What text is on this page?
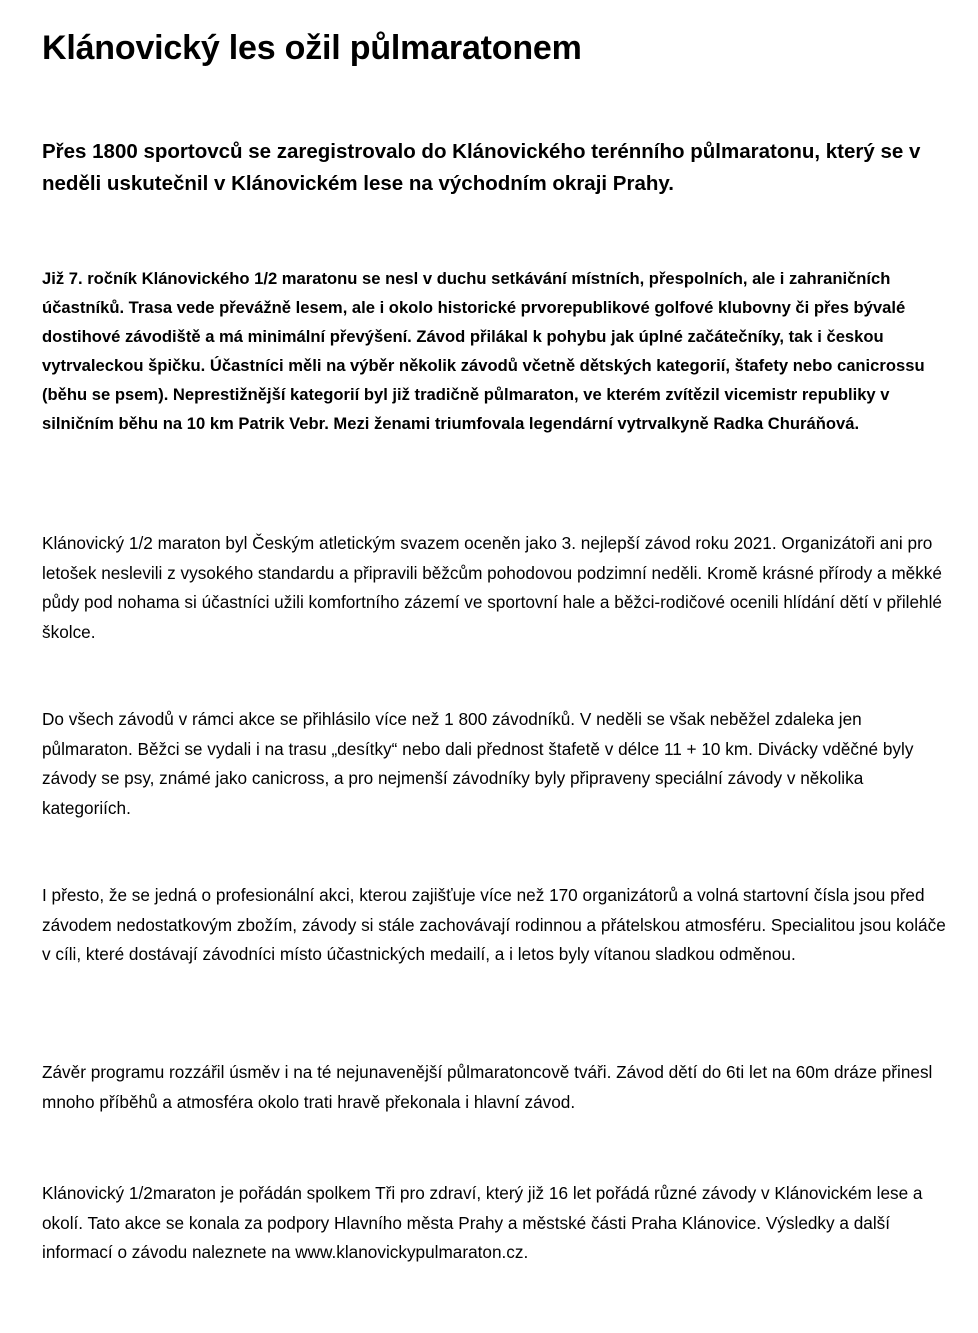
Klánovický les ožil půlmaratonem

Přes 1800 sportovců se zaregistrovalo do Klánovického terénního půlmaratonu, který se v neděli uskutečnil v Klánovickém lese na východním okraji Prahy.

Již 7. ročník Klánovického 1/2 maratonu se nesl v duchu setkávání místních, přespolních, ale i zahraničních účastníků. Trasa vede převážně lesem, ale i okolo historické prvorepublikové golfové klubovny či přes bývalé dostihové závodiště a má minimální převýšení. Závod přilákal k pohybu jak úplné začátečníky, tak i českou vytrvaleckou špičku. Účastníci měli na výběr několik závodů včetně dětských kategorií, štafety nebo canicrossu (běhu se psem). Neprestižnější kategorií byl již tradičně půlmaraton, ve kterém zvítězil vicemistr republiky v silničním běhu na 10 km Patrik Vebr. Mezi ženami triumfovala legendární vytrvalkyně Radka Churáňová.

Klánovický 1/2 maraton byl Českým atletickým svazem oceněn jako 3. nejlepší závod roku 2021. Organizátoři ani pro letošek neslevili z vysokého standardu a připravili běžcům pohodovou podzimní neděli. Kromě krásné přírody a měkké půdy pod nohama si účastníci užili komfortního zázemí ve sportovní hale a běžci-rodičové ocenili hlídání dětí v přilehlé školce.

Do všech závodů v rámci akce se přihlásilo více než 1 800 závodníků. V neděli se však neběžel zdaleka jen půlmaraton. Běžci se vydali i na trasu „desítky“ nebo dali přednost štafetě v délce 11 + 10 km. Divácky vděčné byly závody se psy, známé jako canicross, a pro nejmenší závodníky byly připraveny speciální závody v několika kategoriích.

I přesto, že se jedná o profesionální akci, kterou zajišťuje více než 170 organizátorů a volná startovní čísla jsou před závodem nedostatkovým zbožím, závody si stále zachovávají rodinnou a přátelskou atmosféru. Specialitou jsou koláče v cíli, které dostávají závodníci místo účastnických medailí, a i letos byly vítanou sladkou odměnou.

Závěr programu rozzářil úsměv i na té nejunavenější půlmaratoncově tváři. Závod dětí do 6ti let na 60m dráze přinesl mnoho příběhů a atmosféra okolo trati hravě překonala i hlavní závod.

Klánovický 1/2maraton je pořádán spolkem Tři pro zdraví, který již 16 let pořádá různé závody v Klánovickém lese a okolí. Tato akce se konala za podpory Hlavního města Prahy a městské části Praha Klánovice. Výsledky a další informací o závodu naleznete na www.klanovickypulmaraton.cz.
